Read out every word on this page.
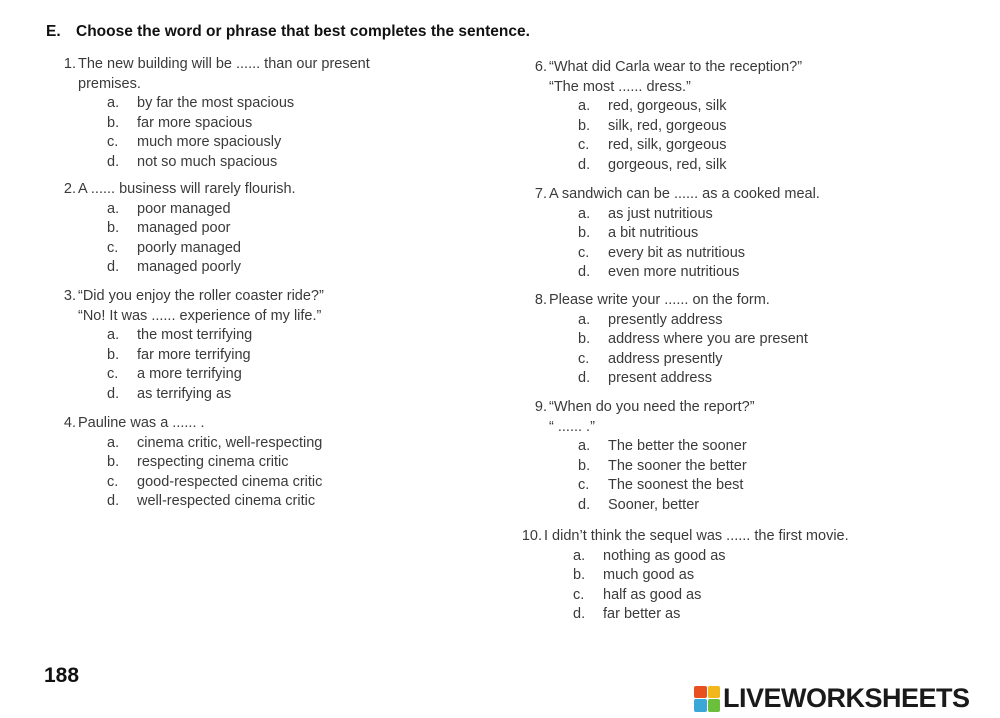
E. Choose the word or phrase that best completes the sentence.
1. The new building will be ...... than our present
premises.
a. by far the most spacious
b. far more spacious
c. much more spaciously
d. not so much spacious
2. A ...... business will rarely flourish.
a. poor managed
b. managed poor
c. poorly managed
d. managed poorly
3. “Did you enjoy the roller coaster ride?”
“No! It was ...... experience of my life.”
a. the most terrifying
b. far more terrifying
c. a more terrifying
d. as terrifying as
4. Pauline was a ...... .
a. cinema critic, well-respecting
b. respecting cinema critic
c. good-respected cinema critic
d. well-respected cinema critic
6. “What did Carla wear to the reception?”
“The most ...... dress.”
a. red, gorgeous, silk
b. silk, red, gorgeous
c. red, silk, gorgeous
d. gorgeous, red, silk
7. A sandwich can be ...... as a cooked meal.
a. as just nutritious
b. a bit nutritious
c. every bit as nutritious
d. even more nutritious
8. Please write your ...... on the form.
a. presently address
b. address where you are present
c. address presently
d. present address
9. “When do you need the report?”
“ ...... .”
a. The better the sooner
b. The sooner the better
c. The soonest the best
d. Sooner, better
10. I didn’t think the sequel was ...... the first movie.
a. nothing as good as
b. much good as
c. half as good as
d. far better as
188
LIVEWORKSHEETS
